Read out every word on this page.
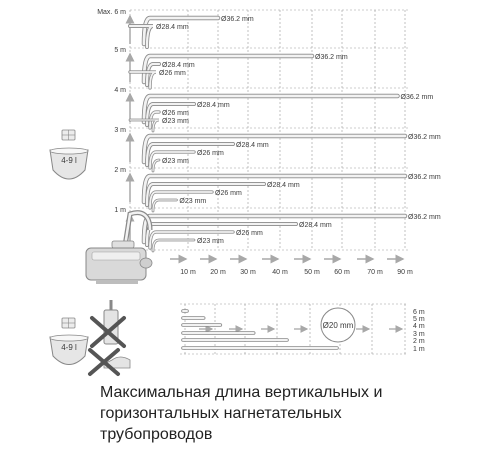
Ø36.2 mm
Ø28.4 mm
Ø36.2 mm
Ø28.4 mm
Ø26 mm
Ø36.2 mm
Ø28.4 mm
Ø26 mm
Ø23 mm
Ø36.2 mm
Ø28.4 mm
Ø26 mm
Ø23 mm
Ø36.2 mm
Ø28.4 mm
Ø26 mm
Ø23 mm
Ø36.2 mm
Ø28.4 mm
Ø26 mm
Ø23 mm
Max. 6 m
5 m
4 m
3 m
2 m
1 m
10 m 20 m 30 m 40 m 50 m 60 m 70 m 90 m
4-9 l
6 m
5 m
4 m
3 m
2 m
1 m
Ø20 mm
4-9 l
Максимальная длина вертикальных и
горизонтальных нагнетательных
трубопроводов
